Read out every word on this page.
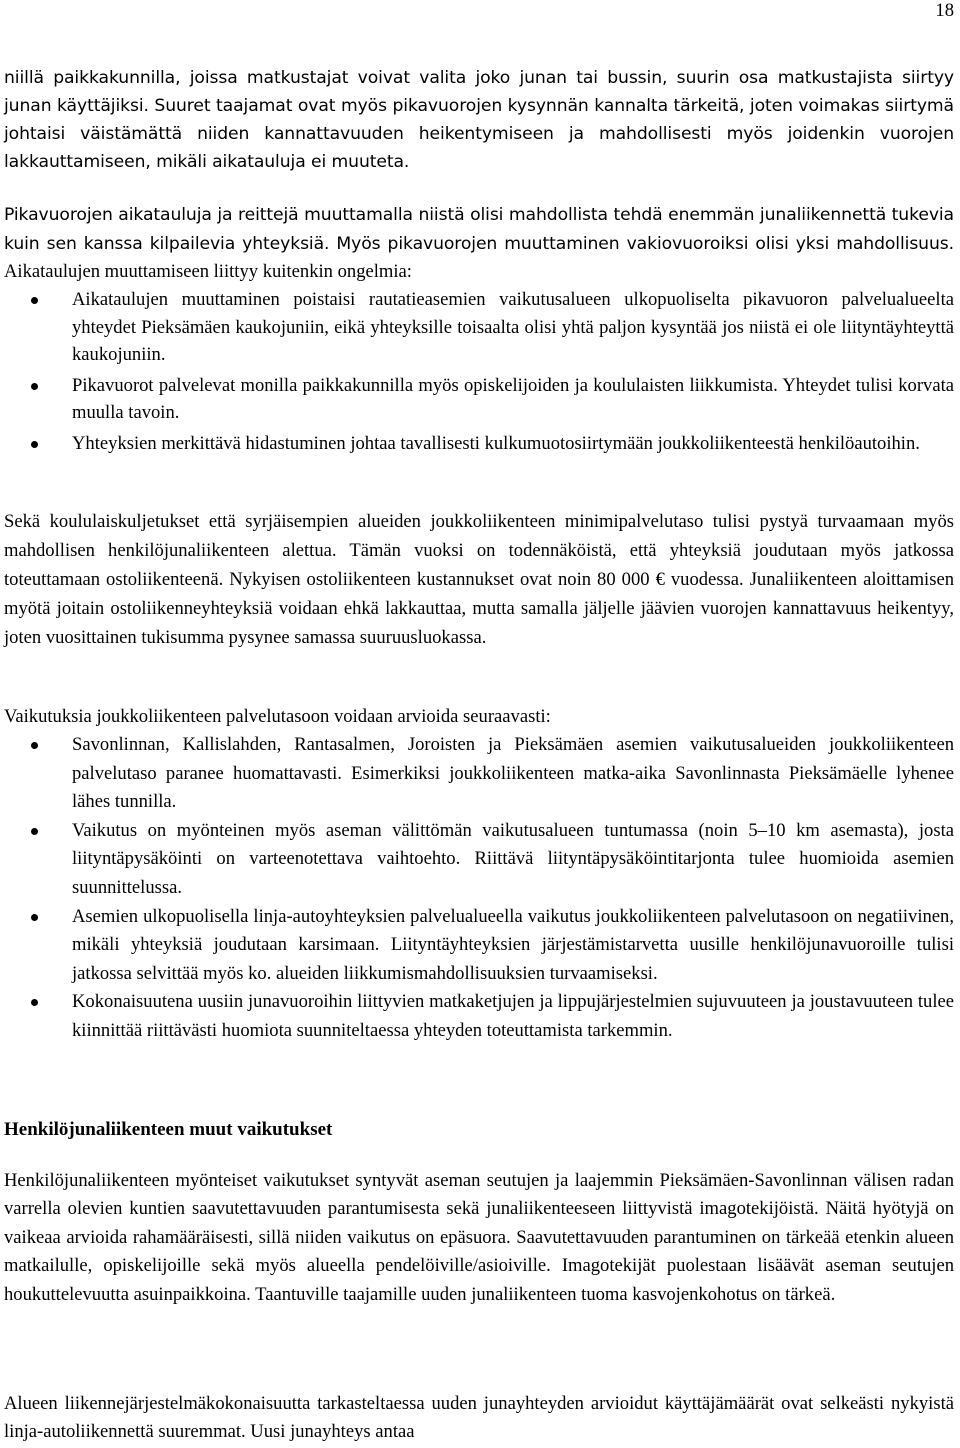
18

niillä paikkakunnilla, joissa matkustajat voivat valita joko junan tai bussin, suurin osa matkustajista siirtyy junan käyttäjiksi. Suuret taajamat ovat myös pikavuorojen kysynnän kannalta tärkeitä, joten voimakas siirtymä johtaisi väistämättä niiden kannattavuuden heikentymiseen ja mahdollisesti myös joidenkin vuorojen lakkauttamiseen, mikäli aikatauluja ei muuteta.

Pikavuorojen aikatauluja ja reittejä muuttamalla niistä olisi mahdollista tehdä enemmän junaliikennettä tukevia kuin sen kanssa kilpailevia yhteyksiä. Myös pikavuorojen muuttaminen vakiovuoroiksi olisi yksi mahdollisuus. Aikataulujen muuttamiseen liittyy kuitenkin ongelmia:

Aikataulujen muuttaminen poistaisi rautatieasemien vaikutusalueen ulkopuoliselta pikavuoron palvelualueelta yhteydet Pieksämäen kaukojuniin, eikä yhteyksille toisaalta olisi yhtä paljon kysyntää jos niistä ei ole liityntäyhteyttä kaukojuniin.
Pikavuorot palvelevat monilla paikkakunnilla myös opiskelijoiden ja koululaisten liikkumista. Yhteydet tulisi korvata muulla tavoin.
Yhteyksien merkittävä hidastuminen johtaa tavallisesti kulkumuotosiirtymään joukkoliikenteestä henkilöautoihin.

Sekä koululaiskuljetukset että syrjäisempien alueiden joukkoliikenteen minimipalvelutaso tulisi pystyä turvaamaan myös mahdollisen henkilöjunaliikenteen alettua. Tämän vuoksi on todennäköistä, että yhteyksiä joudutaan myös jatkossa toteuttamaan ostoliikenteenä. Nykyisen ostoliikenteen kustannukset ovat noin 80 000 € vuodessa. Junaliikenteen aloittamisen myötä joitain ostoliikenneyhteyksiä voidaan ehkä lakkauttaa, mutta samalla jäljelle jäävien vuorojen kannattavuus heikentyy, joten vuosittainen tukisumma pysynee samassa suuruusluokassa.

Vaikutuksia joukkoliikenteen palvelutasoon voidaan arvioida seuraavasti:

Savonlinnan, Kallislahden, Rantasalmen, Joroisten ja Pieksämäen asemien vaikutusalueiden joukkoliikenteen palvelutaso paranee huomattavasti. Esimerkiksi joukkoliikenteen matka-aika Savonlinnasta Pieksämäelle lyhenee lähes tunnilla.
Vaikutus on myönteinen myös aseman välittömän vaikutusalueen tuntumassa (noin 5–10 km asemasta), josta liityntäpysäköinti on varteenotettava vaihtoehto. Riittävä liityntäpysäköintitarjonta tulee huomioida asemien suunnittelussa.
Asemien ulkopuolisella linja-autoyhteyksien palvelualueella vaikutus joukkoliikenteen palvelutasoon on negatiivinen, mikäli yhteyksiä joudutaan karsimaan. Liityntäyhteyksien järjestämistarvetta uusille henkilöjunavuoroille tulisi jatkossa selvittää myös ko. alueiden liikkumismahdollisuuksien turvaamiseksi.
Kokonaisuutena uusiin junavuoroihin liittyvien matkaketjujen ja lippujärjestelmien sujuvuuteen ja joustavuuteen tulee kiinnittää riittävästi huomiota suunniteltaessa yhteyden toteuttamista tarkemmin.
Henkilöjunaliikenteen muut vaikutukset

Henkilöjunaliikenteen myönteiset vaikutukset syntyvät aseman seutujen ja laajemmin Pieksämäen-Savonlinnan välisen radan varrella olevien kuntien saavutettavuuden parantumisesta sekä junaliikenteeseen liittyvistä imagotekijöistä. Näitä hyötyjä on vaikeaa arvioida rahamääräisesti, sillä niiden vaikutus on epäsuora. Saavutettavuuden parantuminen on tärkeää etenkin alueen matkailulle, opiskelijoille sekä myös alueella pendelöiville/asioiville. Imagotekijät puolestaan lisäävät aseman seutujen houkuttelevuutta asuinpaikkoina. Taantuville taajamille uuden junaliikenteen tuoma kasvojenkohotus on tärkeä.

Alueen liikennejärjestelmäkokonaisuutta tarkasteltaessa uuden junayhteyden arvioidut käyttäjämäärät ovat selkeästi nykyistä linja-autoliikennettä suuremmat. Uusi junayhteys antaa
